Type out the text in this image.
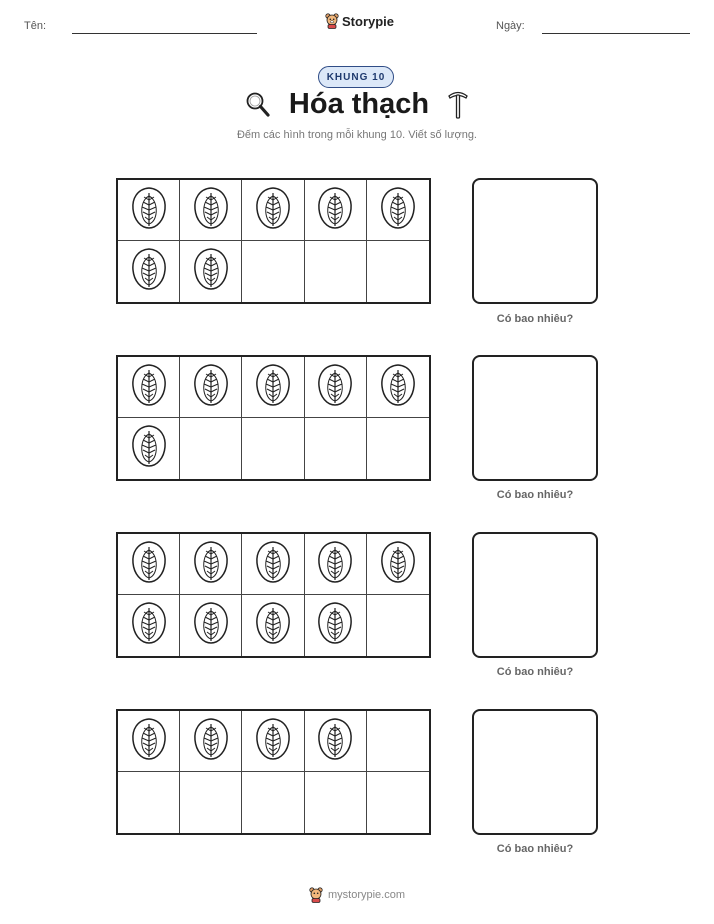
Tên:	Storypie	Ngày:
KHUNG 10
Hóa thạch
Đếm các hình trong mỗi khung 10. Viết số lượng.
Có bao nhiêu?
Có bao nhiêu?
Có bao nhiêu?
Có bao nhiêu?
mystorypie.com
